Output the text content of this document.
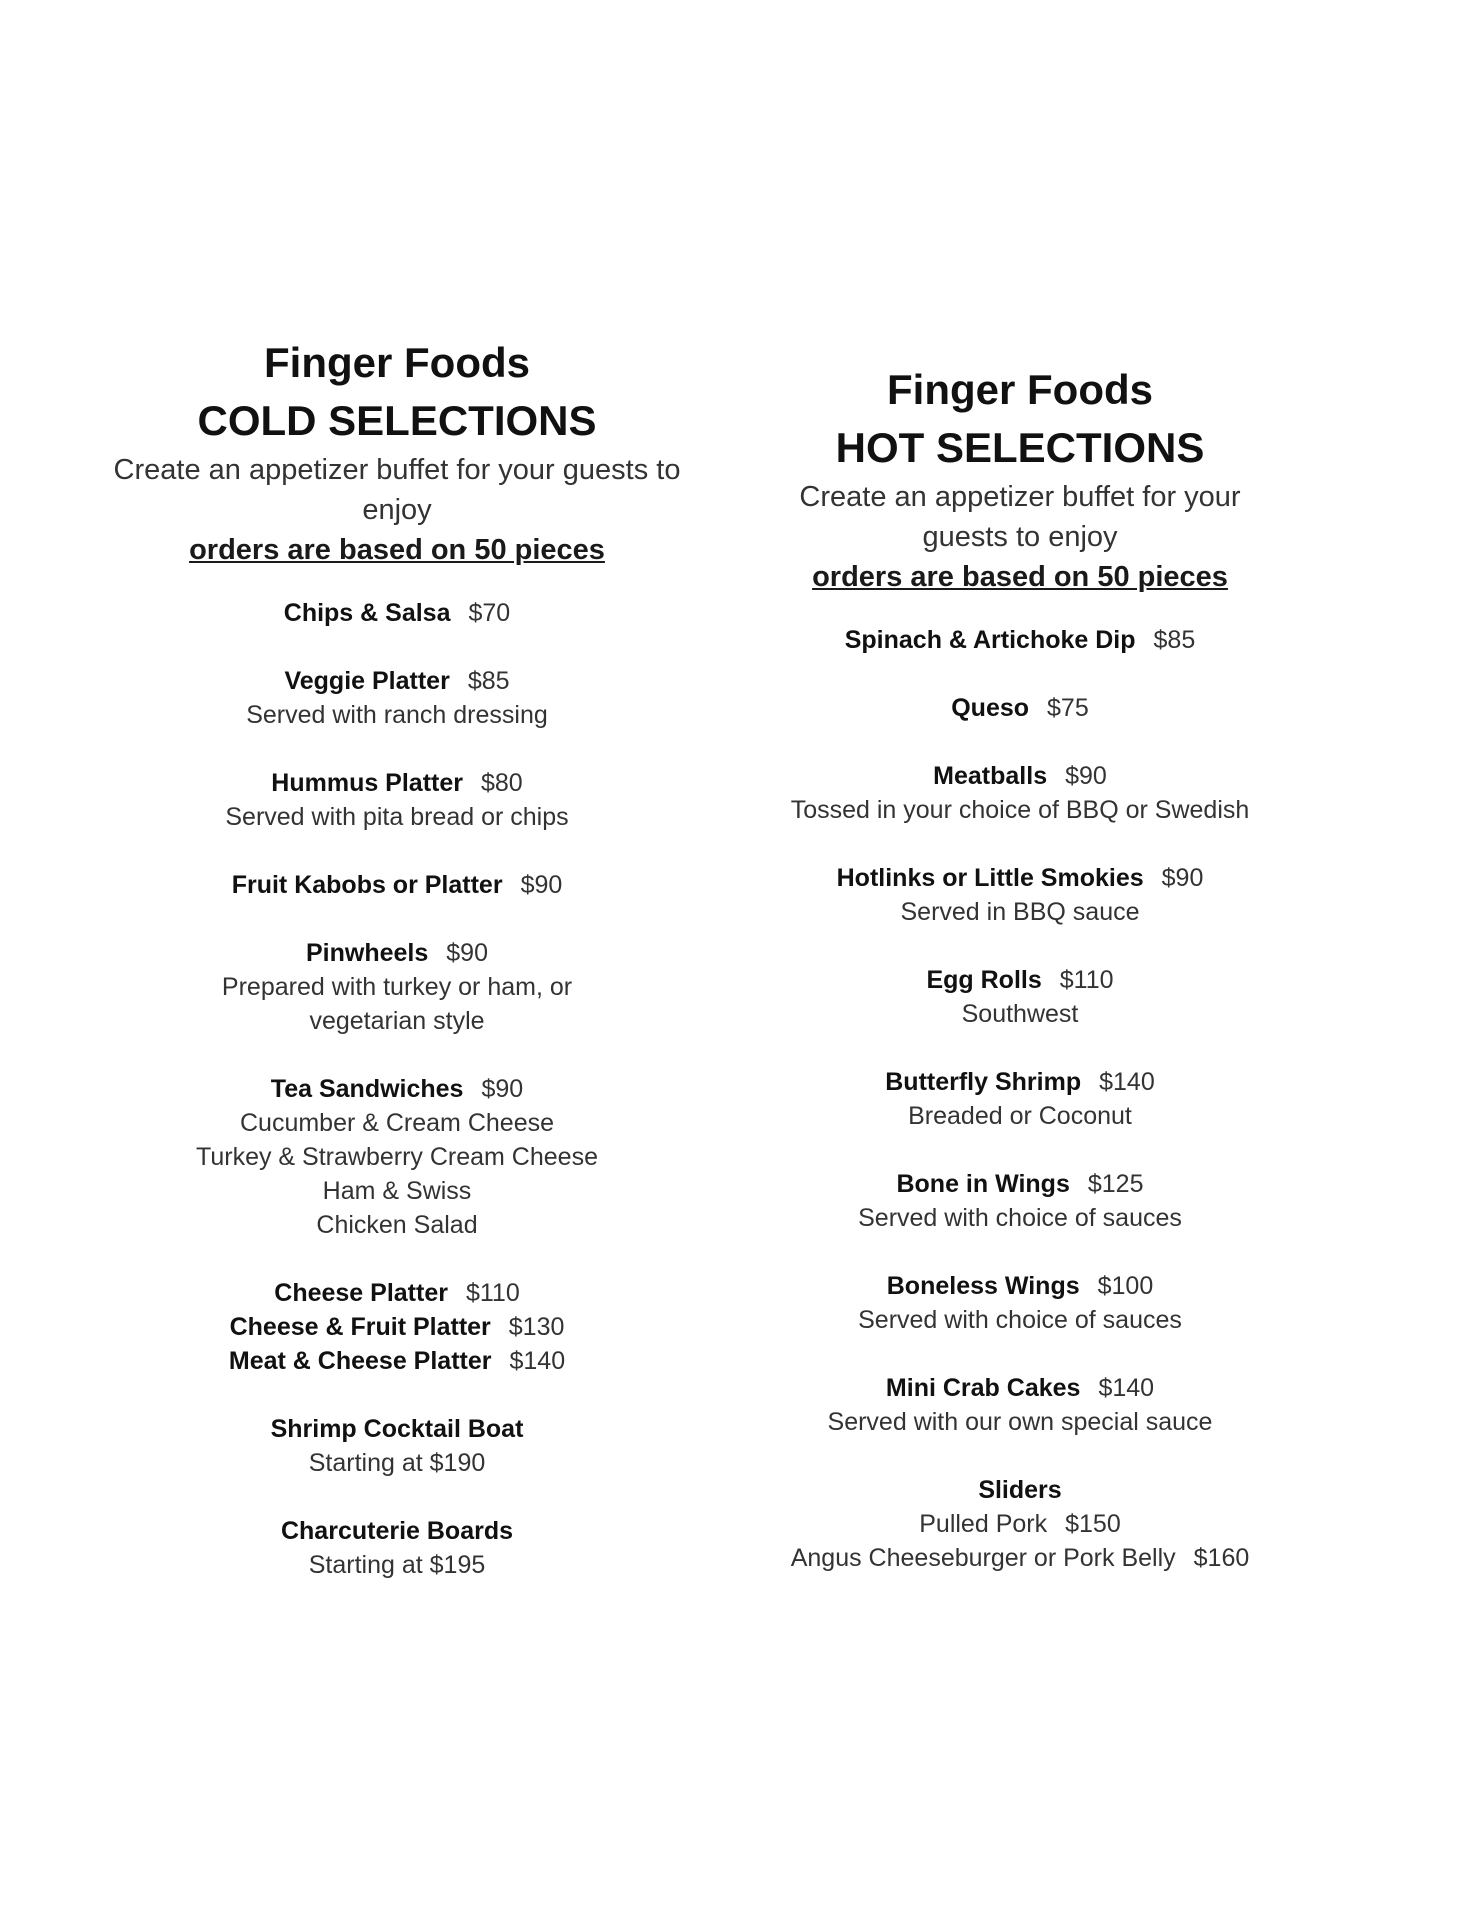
Finger Foods
COLD SELECTIONS
Create an appetizer buffet for your guests to enjoy
orders are based on 50 pieces
Chips & Salsa $70
Veggie Platter $85
Served with ranch dressing
Hummus Platter $80
Served with pita bread or chips
Fruit Kabobs or Platter $90
Pinwheels $90
Prepared with turkey or ham, or
vegetarian style
Tea Sandwiches $90
Cucumber & Cream Cheese
Turkey & Strawberry Cream Cheese
Ham & Swiss
Chicken Salad
Cheese Platter $110
Cheese & Fruit Platter $130
Meat & Cheese Platter $140
Shrimp Cocktail Boat
Starting at $190
Charcuterie Boards
Starting at $195
Finger Foods
HOT SELECTIONS
Create an appetizer buffet for your guests to enjoy
orders are based on 50 pieces
Spinach & Artichoke Dip $85
Queso $75
Meatballs $90
Tossed in your choice of BBQ or Swedish
Hotlinks or Little Smokies $90
Served in BBQ sauce
Egg Rolls $110
Southwest
Butterfly Shrimp $140
Breaded or Coconut
Bone in Wings $125
Served with choice of sauces
Boneless Wings $100
Served with choice of sauces
Mini Crab Cakes $140
Served with our own special sauce
Sliders
Pulled Pork $150
Angus Cheeseburger or Pork Belly $160
